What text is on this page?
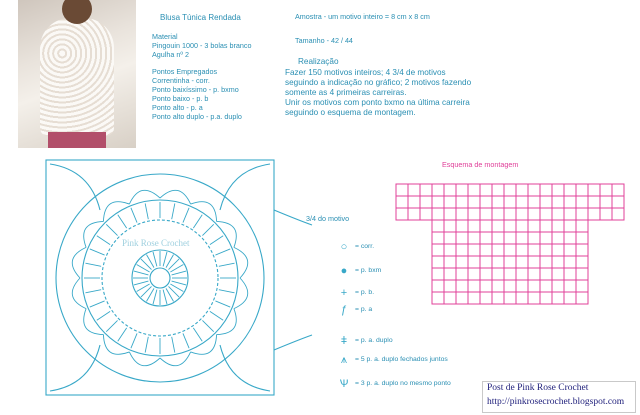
Blusa Túnica Rendada
Material
Pingouin 1000 - 3 bolas branco
Agulha nº 2
Pontos Empregados
Correntinha - corr.
Ponto baixíssimo - p. bxmo
Ponto baixo - p. b
Ponto alto - p. a
Ponto alto duplo - p.a. duplo
Amostra - um motivo inteiro = 8 cm x 8 cm
Tamanho - 42 / 44
Realização
Fazer 150 motivos inteiros; 4 3/4 de motivos
seguindo a indicação no gráfico; 2 motivos fazendo
somente as 4 primeiras carreiras.
Unir os motivos com ponto bxmo na última carreira
seguindo o esquema de montagem.
Pink Rose Crochet
3/4 do motivo
○	= corr.
●	= p. bxm
+	= p. b.
ƒ	= p. a
ǂ	= p. a. duplo
⩚	= 5 p. a. duplo fechados juntos
Ѱ = 3 p. a. duplo no mesmo ponto
Esquema de montagem
Post de Pink Rose Crochet
http://pinkrosecrochet.blogspot.com
